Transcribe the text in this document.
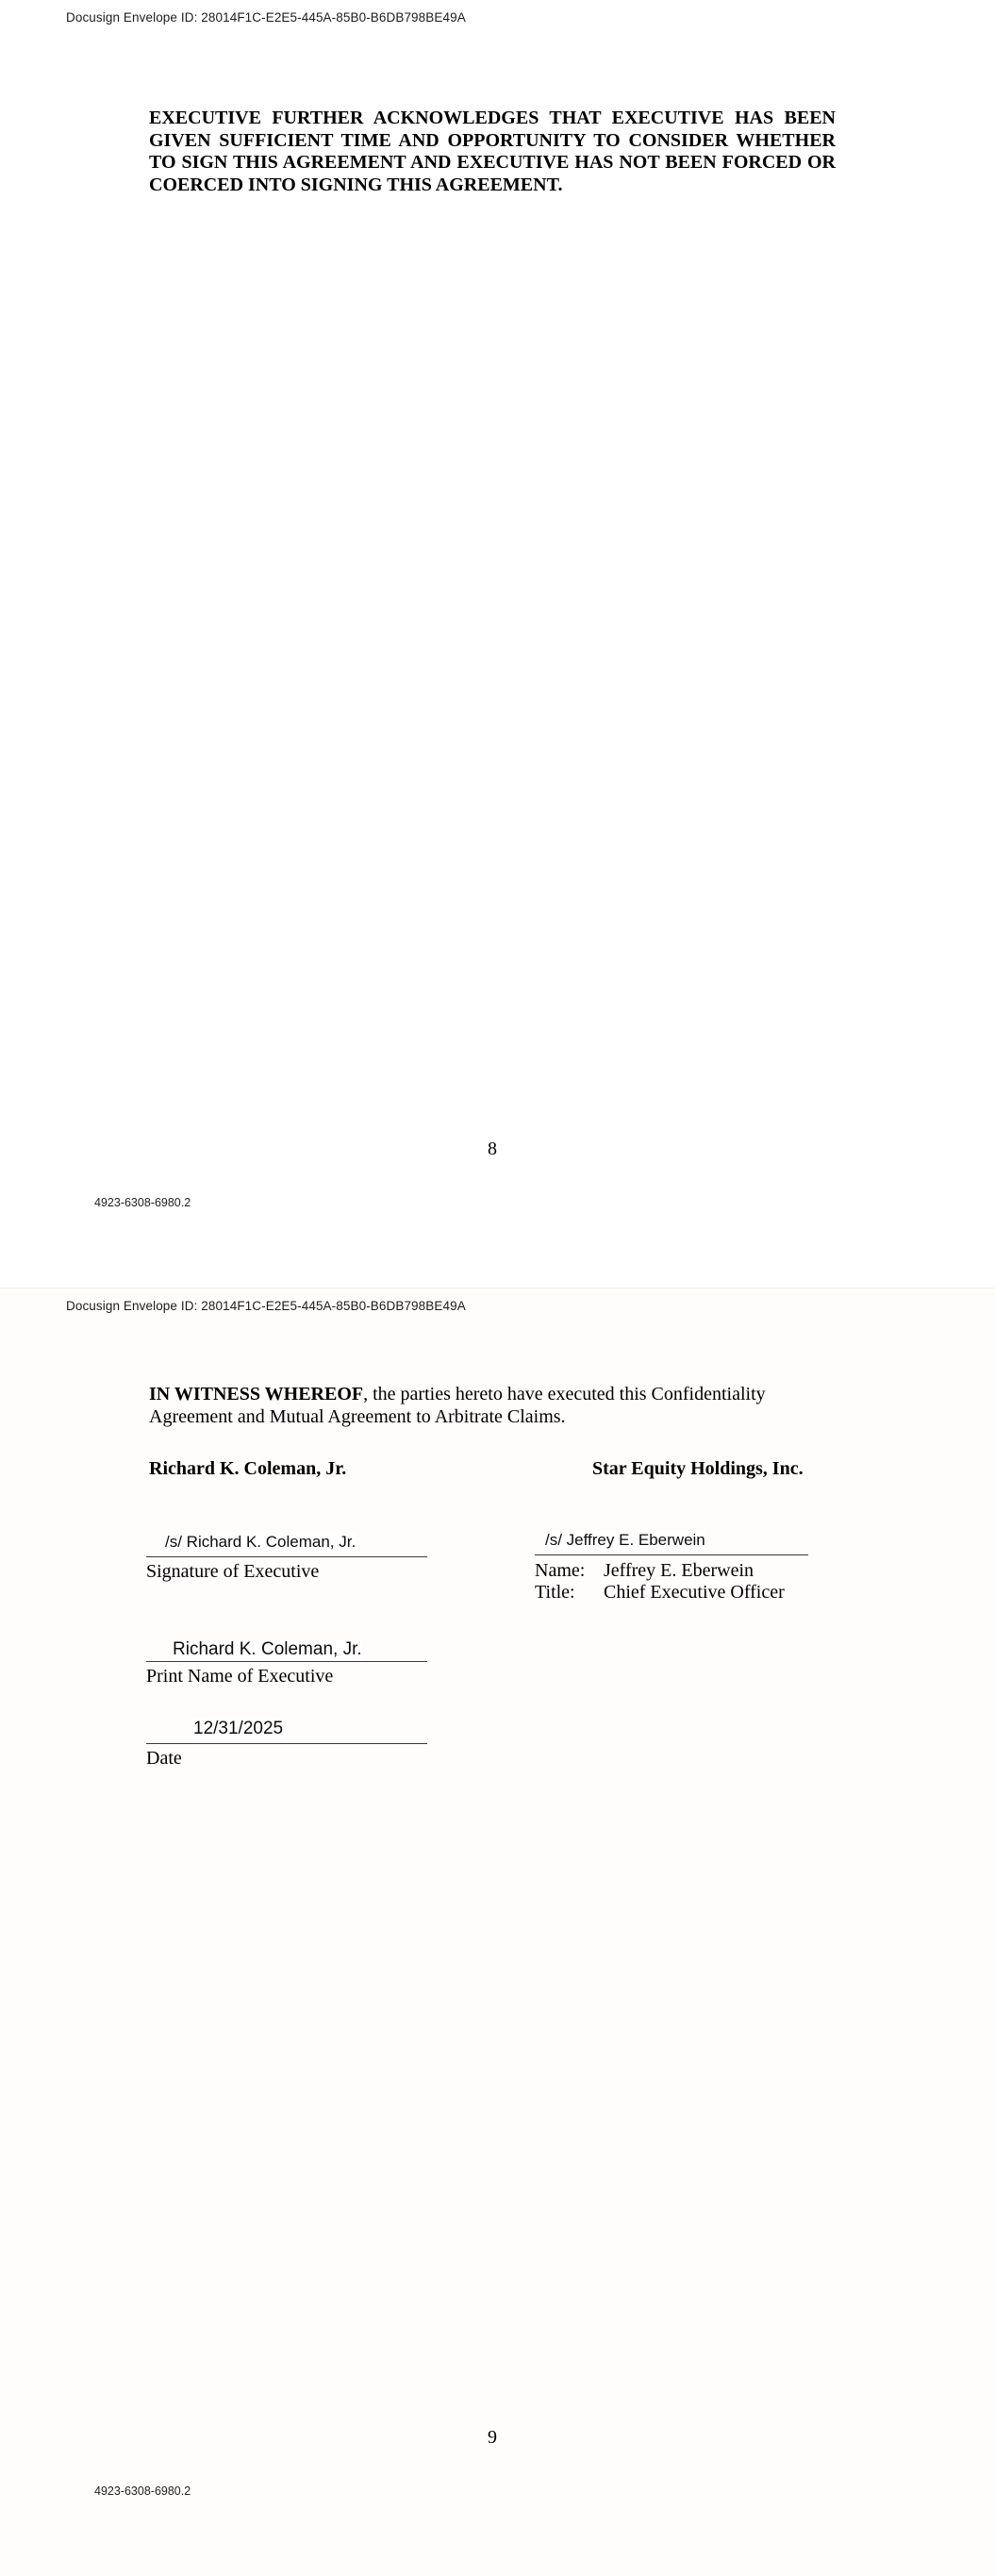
Docusign Envelope ID: 28014F1C-E2E5-445A-85B0-B6DB798BE49A

EXECUTIVE FURTHER ACKNOWLEDGES THAT EXECUTIVE HAS BEEN GIVEN SUFFICIENT TIME AND OPPORTUNITY TO CONSIDER WHETHER TO SIGN THIS AGREEMENT AND EXECUTIVE HAS NOT BEEN FORCED OR COERCED INTO SIGNING THIS AGREEMENT.

8
4923-6308-6980.2
Docusign Envelope ID: 28014F1C-E2E5-445A-85B0-B6DB798BE49A

IN WITNESS WHEREOF, the parties hereto have executed this Confidentiality Agreement and Mutual Agreement to Arbitrate Claims.

Richard K. Coleman, Jr.	Star Equity Holdings, Inc.
/s/ Richard K. Coleman, Jr.
Signature of Executive
/s/ Jeffrey E. Eberwein
Name: Jeffrey E. Eberwein
Title:	Chief Executive Officer
Richard K. Coleman, Jr.
Print Name of Executive
12/31/2025
Date
9
4923-6308-6980.2
